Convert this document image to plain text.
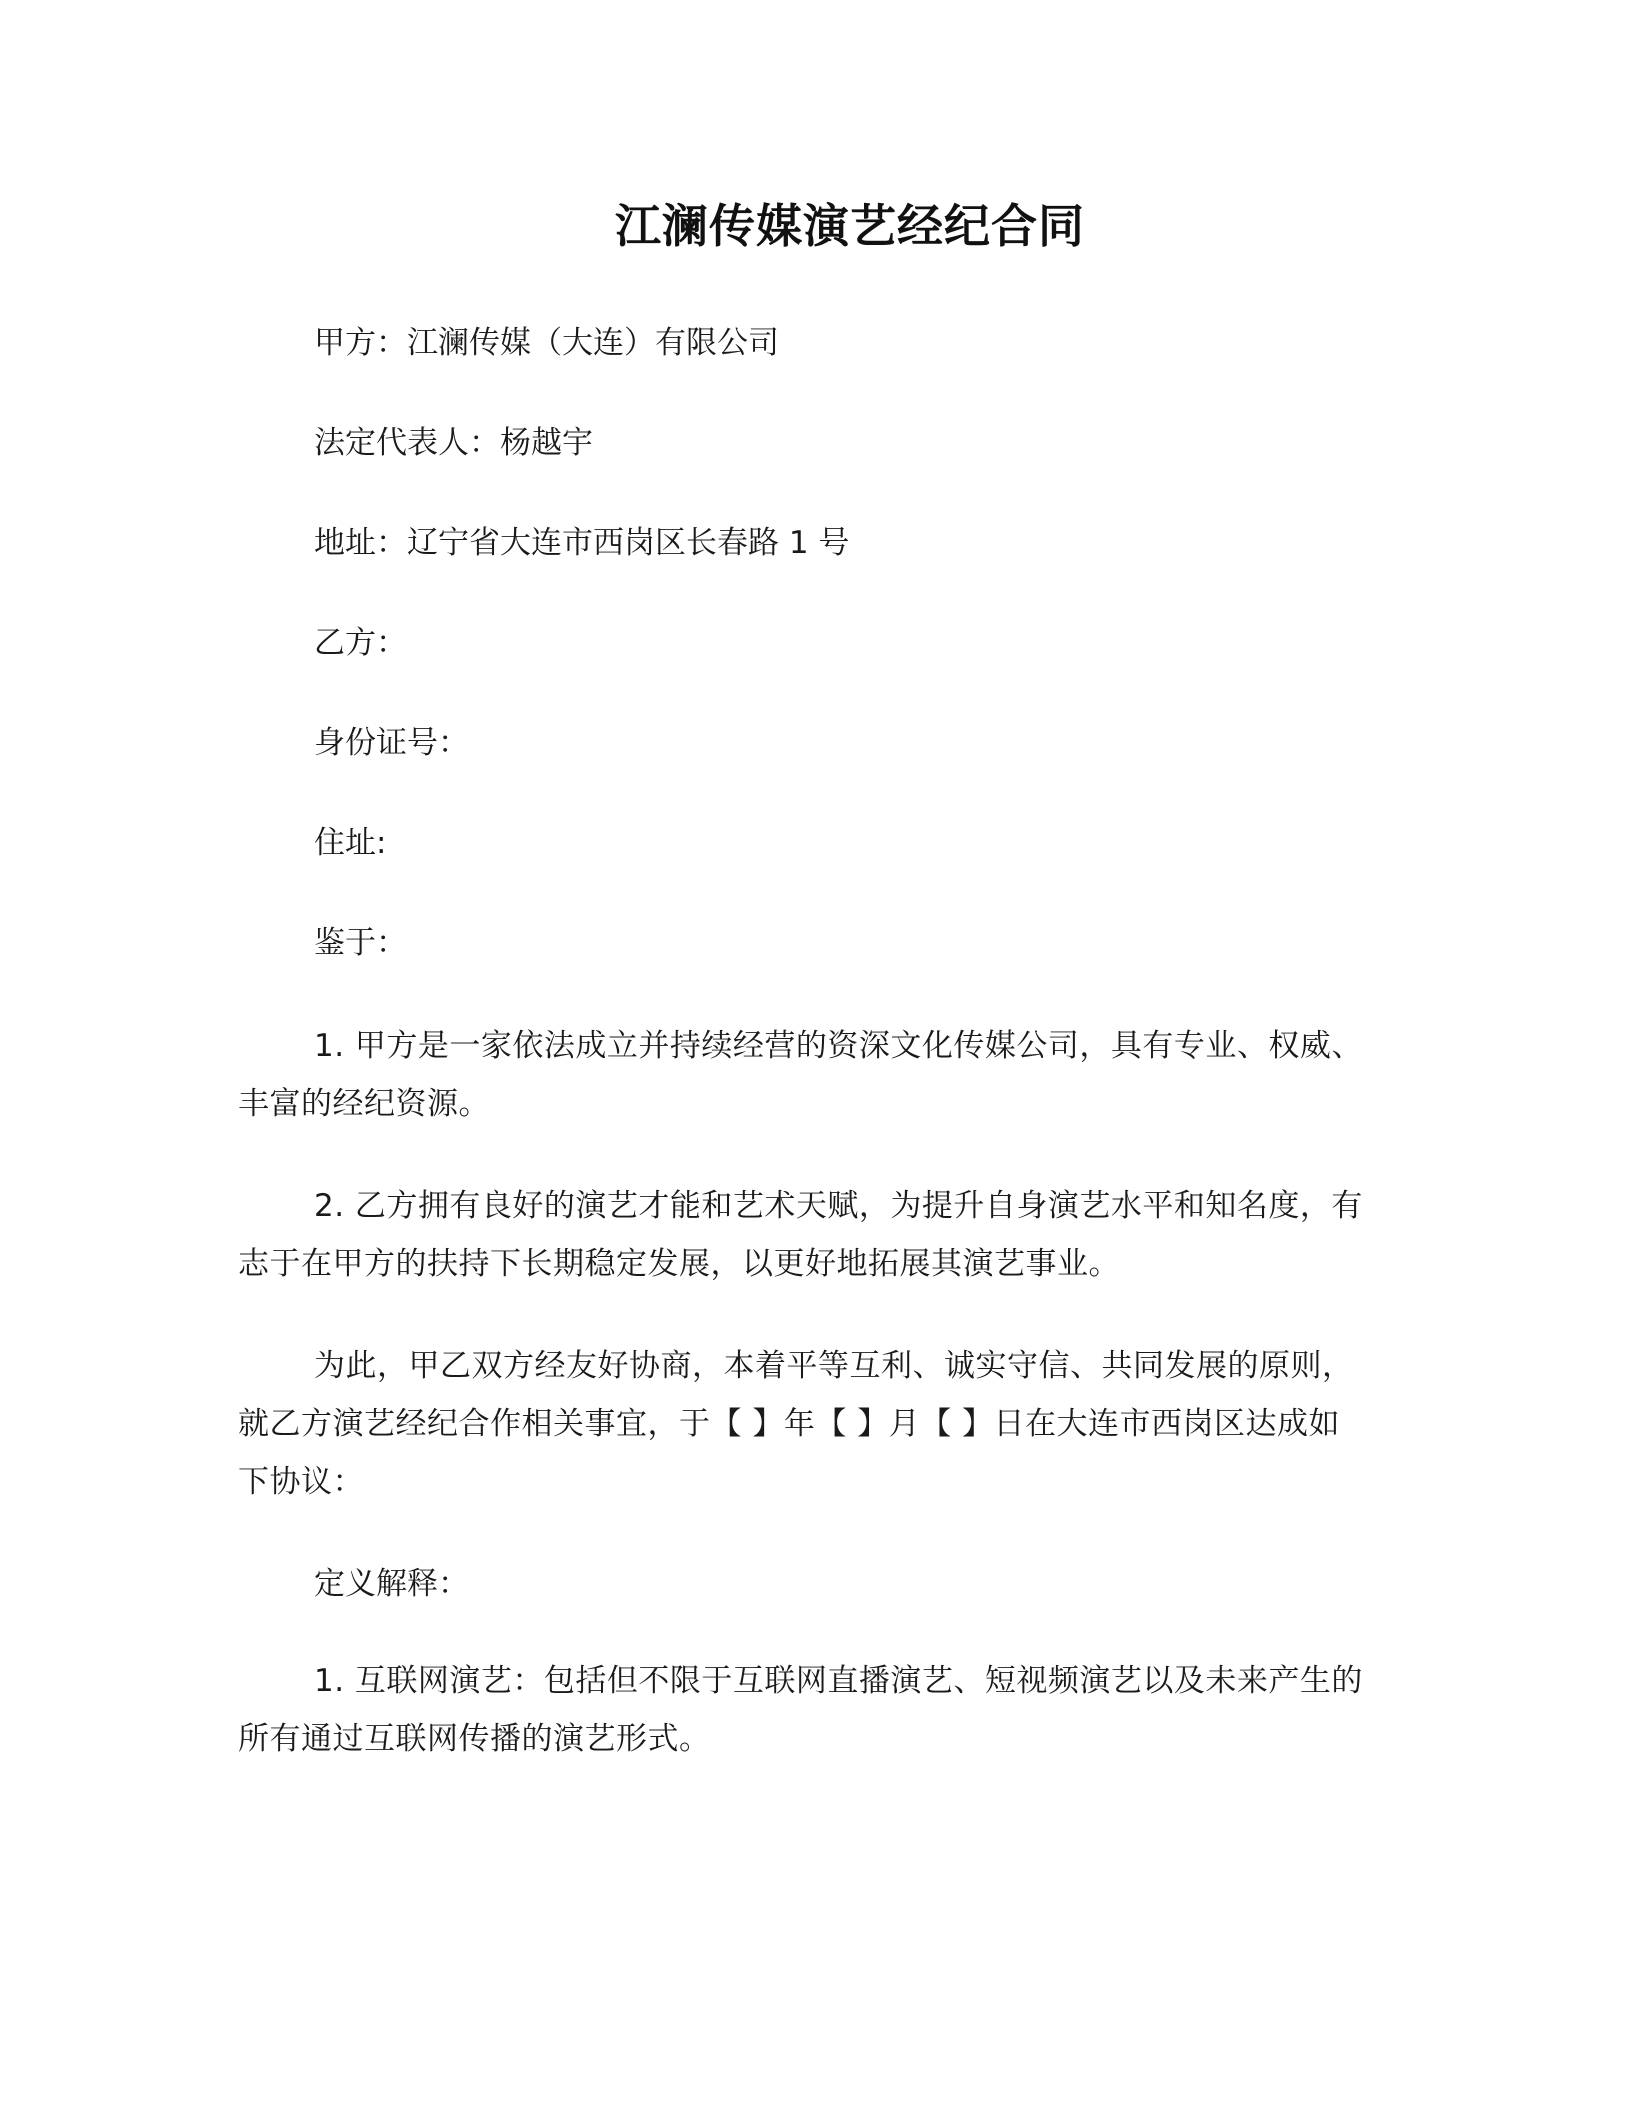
江澜传媒演艺经纪合同
甲方：江澜传媒（大连）有限公司
法定代表人：杨越宇
地址：辽宁省大连市西岗区长春路 1 号
乙方：
身份证号：
住址:
鉴于：
1. 甲方是一家依法成立并持续经营的资深文化传媒公司，具有专业、权威、丰富的经纪资源。
2. 乙方拥有良好的演艺才能和艺术天赋，为提升自身演艺水平和知名度，有志于在甲方的扶持下长期稳定发展，以更好地拓展其演艺事业。
为此，甲乙双方经友好协商，本着平等互利、诚实守信、共同发展的原则，就乙方演艺经纪合作相关事宜，于【 】年【 】月【 】日在大连市西岗区达成如下协议：
定义解释：
1. 互联网演艺：包括但不限于互联网直播演艺、短视频演艺以及未来产生的所有通过互联网传播的演艺形式。
